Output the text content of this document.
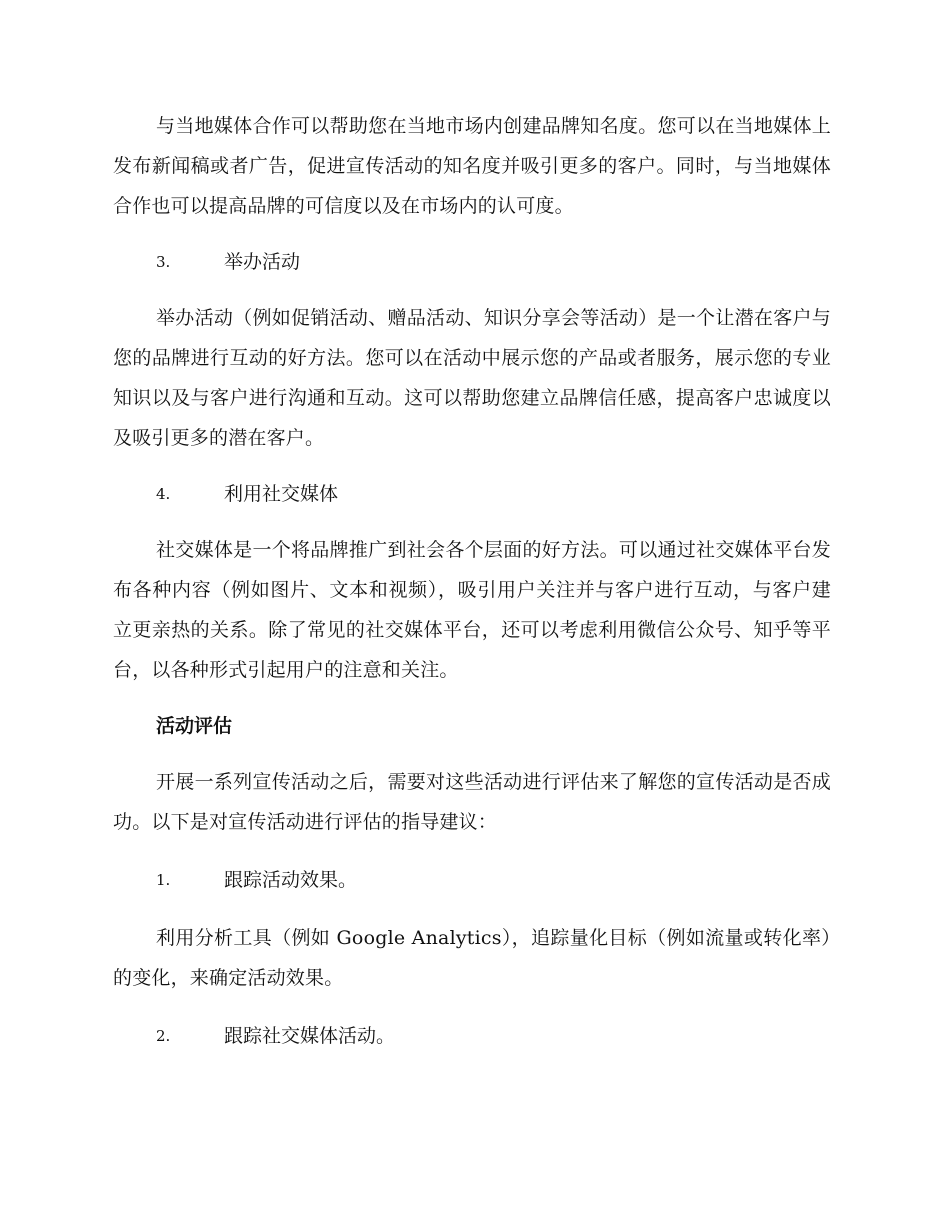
与当地媒体合作可以帮助您在当地市场内创建品牌知名度。您可以在当地媒体上发布新闻稿或者广告，促进宣传活动的知名度并吸引更多的客户。同时，与当地媒体合作也可以提高品牌的可信度以及在市场内的认可度。

3.	举办活动

举办活动（例如促销活动、赠品活动、知识分享会等活动）是一个让潜在客户与您的品牌进行互动的好方法。您可以在活动中展示您的产品或者服务，展示您的专业知识以及与客户进行沟通和互动。这可以帮助您建立品牌信任感，提高客户忠诚度以及吸引更多的潜在客户。

4.	利用社交媒体

社交媒体是一个将品牌推广到社会各个层面的好方法。可以通过社交媒体平台发布各种内容（例如图片、文本和视频），吸引用户关注并与客户进行互动，与客户建立更亲热的关系。除了常见的社交媒体平台，还可以考虑利用微信公众号、知乎等平台，以各种形式引起用户的注意和关注。

活动评估

开展一系列宣传活动之后，需要对这些活动进行评估来了解您的宣传活动是否成功。以下是对宣传活动进行评估的指导建议：

1.	跟踪活动效果。

利用分析工具（例如 Google Analytics），追踪量化目标（例如流量或转化率）的变化，来确定活动效果。

2.	跟踪社交媒体活动。
